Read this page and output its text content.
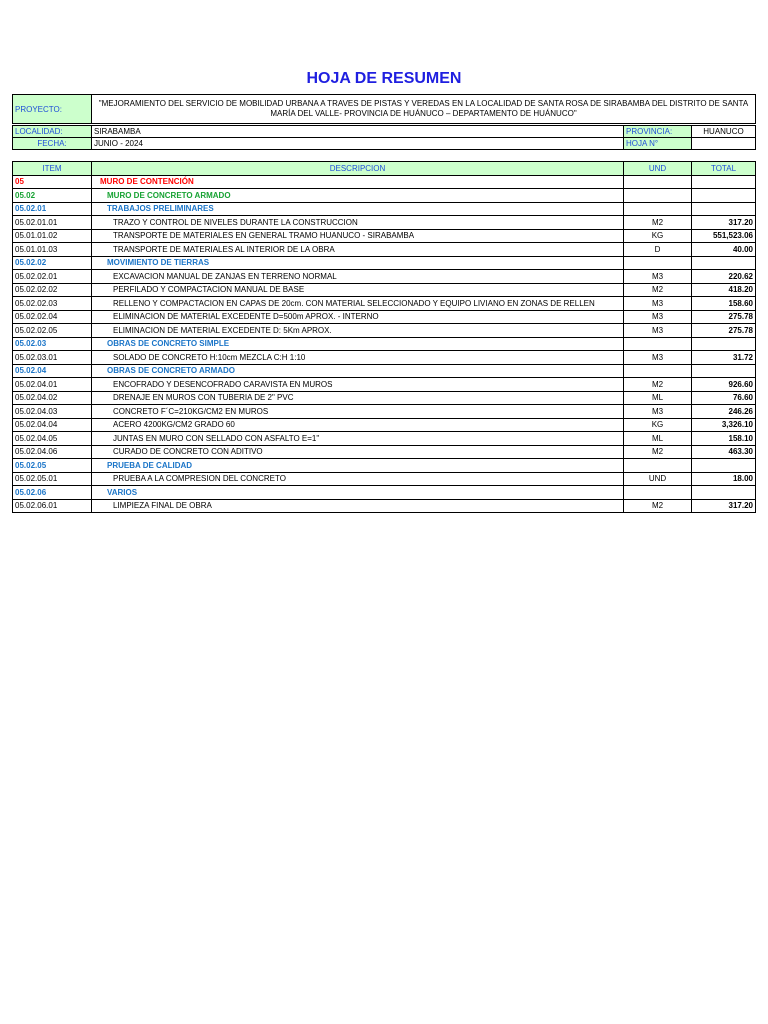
HOJA DE RESUMEN
PROYECTO:	"MEJORAMIENTO DEL SERVICIO DE MOBILIDAD URBANA A TRAVES DE PISTAS Y VEREDAS EN LA LOCALIDAD DE SANTA ROSA DE SIRABAMBA DEL DISTRITO DE SANTA MARÍA DEL VALLE- PROVINCIA DE HUÁNUCO – DEPARTAMENTO DE HUÁNUCO"
LOCALIDAD:	SIRABAMBA	PROVINCIA:	HUANUCO
FECHA:	JUNIO - 2024	HOJA N°	
ITEM	DESCRIPCION	UND	TOTAL
05	MURO DE CONTENCIÓN		
05.02	MURO DE CONCRETO ARMADO		
05.02.01	TRABAJOS PRELIMINARES		
05.02.01.01	TRAZO Y CONTROL DE NIVELES DURANTE LA CONSTRUCCION	M2	317.20
05.01.01.02	TRANSPORTE DE MATERIALES EN GENERAL TRAMO HUANUCO - SIRABAMBA	KG	551,523.06
05.01.01.03	TRANSPORTE DE MATERIALES AL INTERIOR DE LA OBRA	D	40.00
05.02.02	MOVIMIENTO DE TIERRAS		
05.02.02.01	EXCAVACION MANUAL DE ZANJAS EN TERRENO NORMAL	M3	220.62
05.02.02.02	PERFILADO Y COMPACTACION MANUAL DE BASE	M2	418.20
05.02.02.03	RELLENO Y COMPACTACION EN CAPAS DE 20cm. CON MATERIAL SELECCIONADO Y EQUIPO LIVIANO EN ZONAS DE RELLEN	M3	158.60
05.02.02.04	ELIMINACION DE MATERIAL EXCEDENTE D=500m APROX. - INTERNO	M3	275.78
05.02.02.05	ELIMINACION DE MATERIAL EXCEDENTE D: 5Km APROX.	M3	275.78
05.02.03	OBRAS DE CONCRETO SIMPLE		
05.02.03.01	SOLADO DE CONCRETO H:10cm MEZCLA C:H 1:10	M3	31.72
05.02.04	OBRAS DE CONCRETO ARMADO		
05.02.04.01	ENCOFRADO Y DESENCOFRADO CARAVISTA EN MUROS	M2	926.60
05.02.04.02	DRENAJE EN MUROS CON TUBERIA DE 2" PVC	ML	76.60
05.02.04.03	CONCRETO F´C=210KG/CM2 EN MUROS	M3	246.26
05.02.04.04	ACERO 4200KG/CM2 GRADO 60	KG	3,326.10
05.02.04.05	JUNTAS EN MURO CON SELLADO CON ASFALTO E=1"	ML	158.10
05.02.04.06	CURADO DE CONCRETO CON ADITIVO	M2	463.30
05.02.05	PRUEBA DE CALIDAD		
05.02.05.01	PRUEBA A LA COMPRESION DEL CONCRETO	UND	18.00
05.02.06	VARIOS		
05.02.06.01	LIMPIEZA FINAL DE OBRA	M2	317.20
